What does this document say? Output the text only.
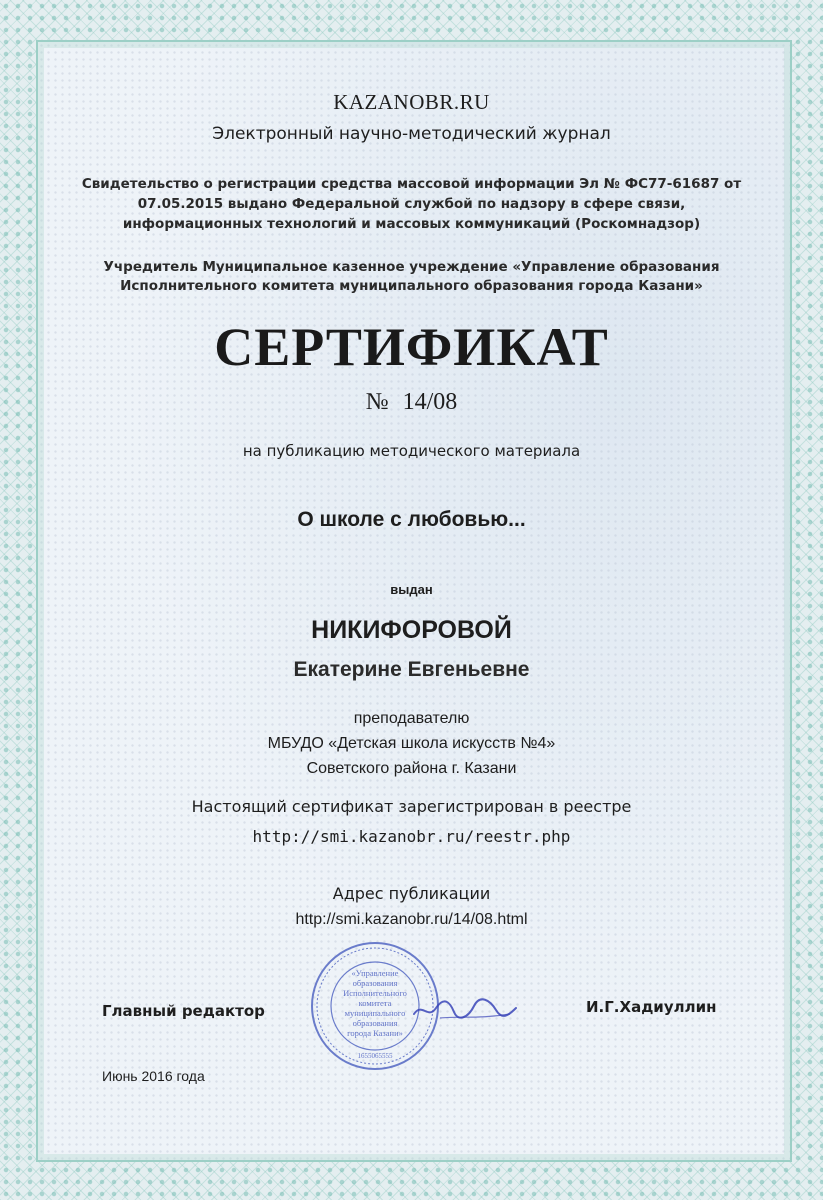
KAZANOBR.RU

Электронный научно-методический журнал

Свидетельство о регистрации средства массовой информации Эл № ФС77-61687 от 07.05.2015 выдано Федеральной службой по надзору в сфере связи, информационных технологий и массовых коммуникаций (Роскомнадзор)

Учредитель Муниципальное казенное учреждение «Управление образования Исполнительного комитета муниципального образования города Казани»

СЕРТИФИКАТ

№ 14/08

на публикацию методического материала

О школе с любовью...

выдан

НИКИФОРОВОЙ

Екатерине Евгеньевне

преподавателю
МБУДО «Детская школа искусств №4»
Советского района г. Казани

Настоящий сертификат зарегистрирован в реестре

http://smi.kazanobr.ru/reestr.php

Адрес публикации

http://smi.kazanobr.ru/14/08.html

«Управление
образования
Исполнительного
комитета
муниципального
образования
города Казани»
1655065555

Главный редактор	И.Г.Хадиуллин

Июнь 2016 года
